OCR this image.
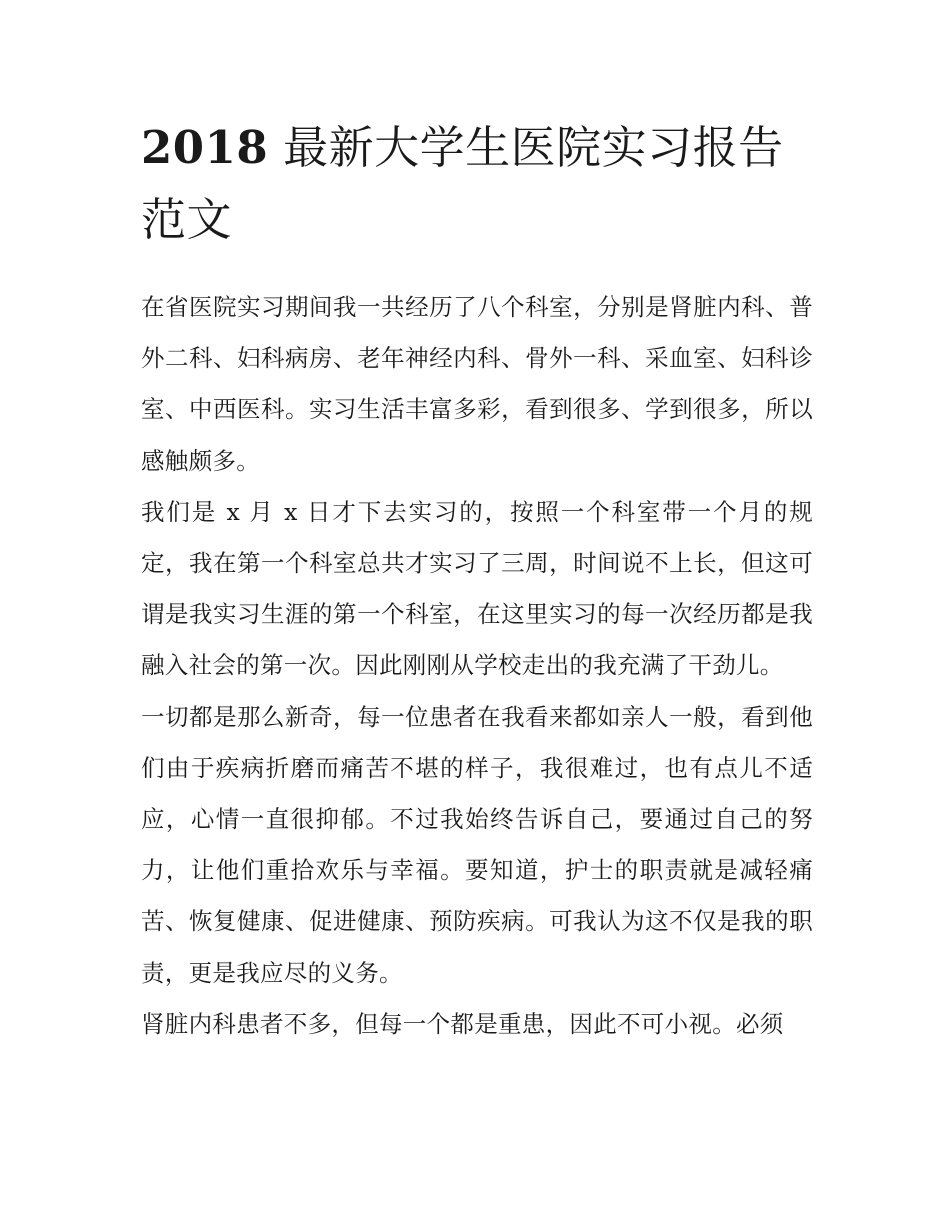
2018 最新大学生医院实习报告范文

在省医院实习期间我一共经历了八个科室，分别是肾脏内科、普外二科、妇科病房、老年神经内科、骨外一科、采血室、妇科诊室、中西医科。实习生活丰富多彩，看到很多、学到很多，所以感触颇多。

我们是 x 月 x 日才下去实习的，按照一个科室带一个月的规定，我在第一个科室总共才实习了三周，时间说不上长，但这可谓是我实习生涯的第一个科室，在这里实习的每一次经历都是我融入社会的第一次。因此刚刚从学校走出的我充满了干劲儿。

一切都是那么新奇，每一位患者在我看来都如亲人一般，看到他们由于疾病折磨而痛苦不堪的样子，我很难过，也有点儿不适应，心情一直很抑郁。不过我始终告诉自己，要通过自己的努力，让他们重拾欢乐与幸福。要知道，护士的职责就是减轻痛苦、恢复健康、促进健康、预防疾病。可我认为这不仅是我的职责，更是我应尽的义务。

肾脏内科患者不多，但每一个都是重患，因此不可小视。必须
